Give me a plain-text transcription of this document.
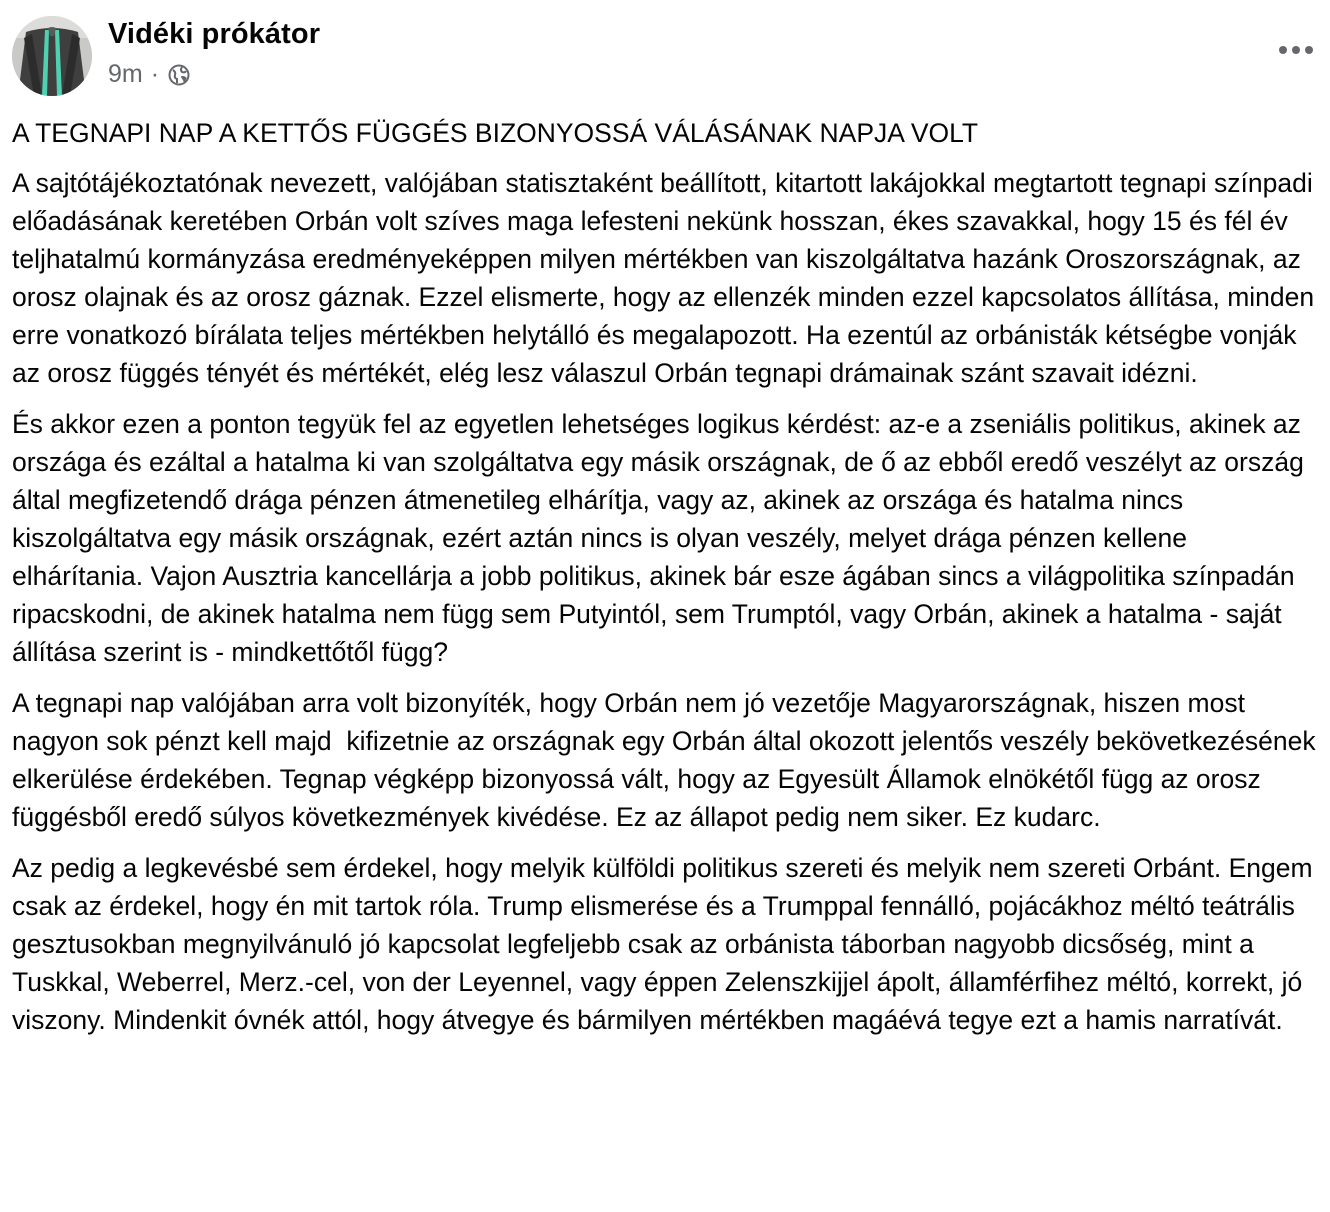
Vidéki prókátor
9m ·

A TEGNAPI NAP A KETTŐS FÜGGÉS BIZONYOSSÁ VÁLÁSÁNAK NAPJA VOLT

A sajtótájékoztatónak nevezett, valójában statisztaként beállított, kitartott lakájokkal megtartott tegnapi színpadi előadásának keretében Orbán volt szíves maga lefesteni nekünk hosszan, ékes szavakkal, hogy 15 és fél év teljhatalmú kormányzása eredményeképpen milyen mértékben van kiszolgáltatva hazánk Oroszországnak, az orosz olajnak és az orosz gáznak. Ezzel elismerte, hogy az ellenzék minden ezzel kapcsolatos állítása, minden erre vonatkozó bírálata teljes mértékben helytálló és megalapozott. Ha ezentúl az orbánisták kétségbe vonják az orosz függés tényét és mértékét, elég lesz válaszul Orbán tegnapi drámainak szánt szavait idézni.

És akkor ezen a ponton tegyük fel az egyetlen lehetséges logikus kérdést: az-e a zseniális politikus, akinek az országa és ezáltal a hatalma ki van szolgáltatva egy másik országnak, de ő az ebből eredő veszélyt az ország által megfizetendő drága pénzen átmenetileg elhárítja, vagy az, akinek az országa és hatalma nincs kiszolgáltatva egy másik országnak, ezért aztán nincs is olyan veszély, melyet drága pénzen kellene elhárítania. Vajon Ausztria kancellárja a jobb politikus, akinek bár esze ágában sincs a világpolitika színpadán ripacskodni, de akinek hatalma nem függ sem Putyintól, sem Trumptól, vagy Orbán, akinek a hatalma - saját állítása szerint is - mindkettőtől függ?

A tegnapi nap valójában arra volt bizonyíték, hogy Orbán nem jó vezetője Magyarországnak, hiszen most nagyon sok pénzt kell majd  kifizetnie az országnak egy Orbán által okozott jelentős veszély bekövetkezésének elkerülése érdekében. Tegnap végképp bizonyossá vált, hogy az Egyesült Államok elnökétől függ az orosz függésből eredő súlyos következmények kivédése. Ez az állapot pedig nem siker. Ez kudarc.

Az pedig a legkevésbé sem érdekel, hogy melyik külföldi politikus szereti és melyik nem szereti Orbánt. Engem csak az érdekel, hogy én mit tartok róla. Trump elismerése és a Trumppal fennálló, pojácákhoz méltó teátrális gesztusokban megnyilvánuló jó kapcsolat legfeljebb csak az orbánista táborban nagyobb dicsőség, mint a Tuskkal, Weberrel, Merz.-cel, von der Leyennel, vagy éppen Zelenszkijjel ápolt, államférfihez méltó, korrekt, jó viszony. Mindenkit óvnék attól, hogy átvegye és bármilyen mértékben magáévá tegye ezt a hamis narratívát.
